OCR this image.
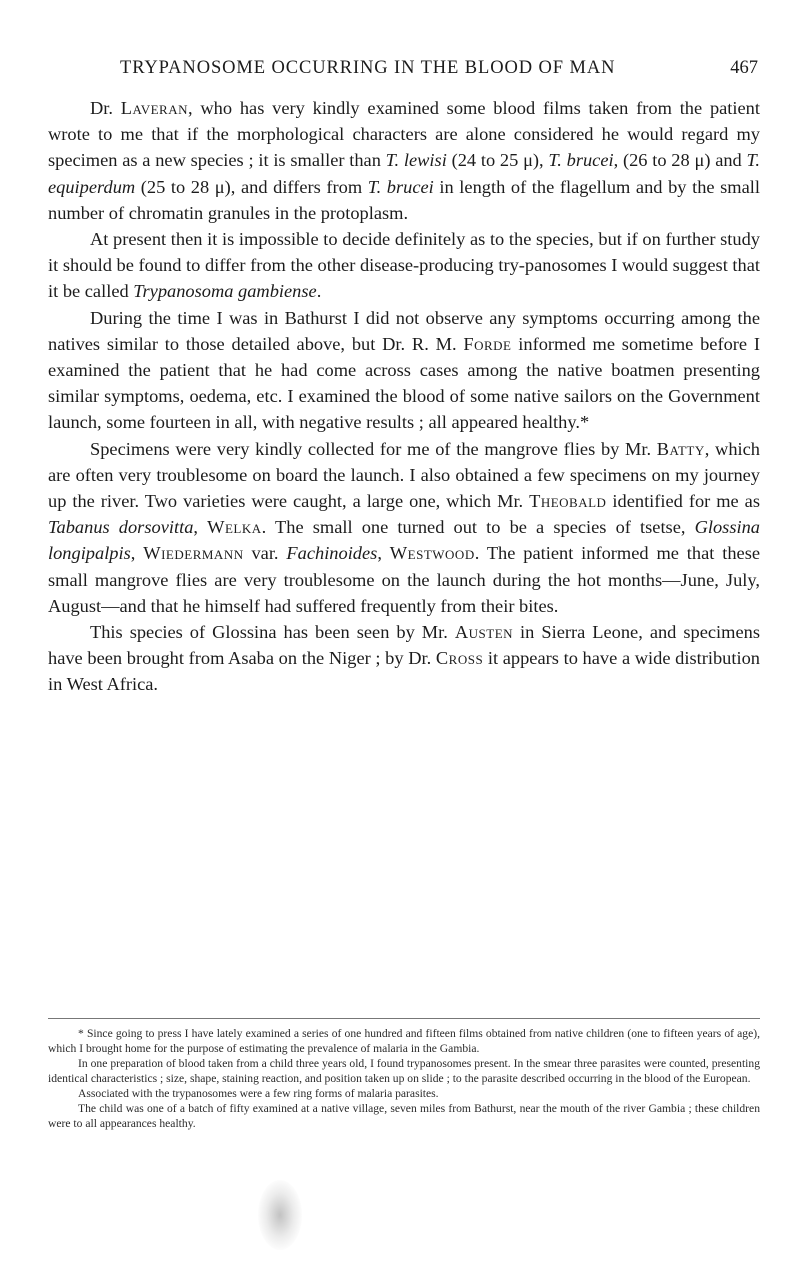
TRYPANOSOME OCCURRING IN THE BLOOD OF MAN	467

Dr. Laveran, who has very kindly examined some blood films taken from the patient wrote to me that if the morphological characters are alone considered he would regard my specimen as a new species ; it is smaller than T. lewisi (24 to 25 μ), T. brucei, (26 to 28 μ) and T. equiperdum (25 to 28 μ), and differs from T. brucei in length of the flagellum and by the small number of chromatin granules in the protoplasm.

At present then it is impossible to decide definitely as to the species, but if on further study it should be found to differ from the other disease-producing try-panosomes I would suggest that it be called Trypanosoma gambiense.

During the time I was in Bathurst I did not observe any symptoms occurring among the natives similar to those detailed above, but Dr. R. M. Forde informed me sometime before I examined the patient that he had come across cases among the native boatmen presenting similar symptoms, oedema, etc. I examined the blood of some native sailors on the Government launch, some fourteen in all, with negative results ; all appeared healthy.*

Specimens were very kindly collected for me of the mangrove flies by Mr. Batty, which are often very troublesome on board the launch. I also obtained a few specimens on my journey up the river. Two varieties were caught, a large one, which Mr. Theobald identified for me as Tabanus dorsovitta, Welka. The small one turned out to be a species of tsetse, Glossina longipalpis, Wiedermann var. Fachinoides, Westwood. The patient informed me that these small mangrove flies are very troublesome on the launch during the hot months—June, July, August—and that he himself had suffered frequently from their bites.

This species of Glossina has been seen by Mr. Austen in Sierra Leone, and specimens have been brought from Asaba on the Niger ; by Dr. Cross it appears to have a wide distribution in West Africa.

* Since going to press I have lately examined a series of one hundred and fifteen films obtained from native children (one to fifteen years of age), which I brought home for the purpose of estimating the prevalence of malaria in the Gambia.

In one preparation of blood taken from a child three years old, I found trypanosomes present. In the smear three parasites were counted, presenting identical characteristics ; size, shape, staining reaction, and position taken up on slide ; to the parasite described occurring in the blood of the European.

Associated with the trypanosomes were a few ring forms of malaria parasites.

The child was one of a batch of fifty examined at a native village, seven miles from Bathurst, near the mouth of the river Gambia ; these children were to all appearances healthy.
